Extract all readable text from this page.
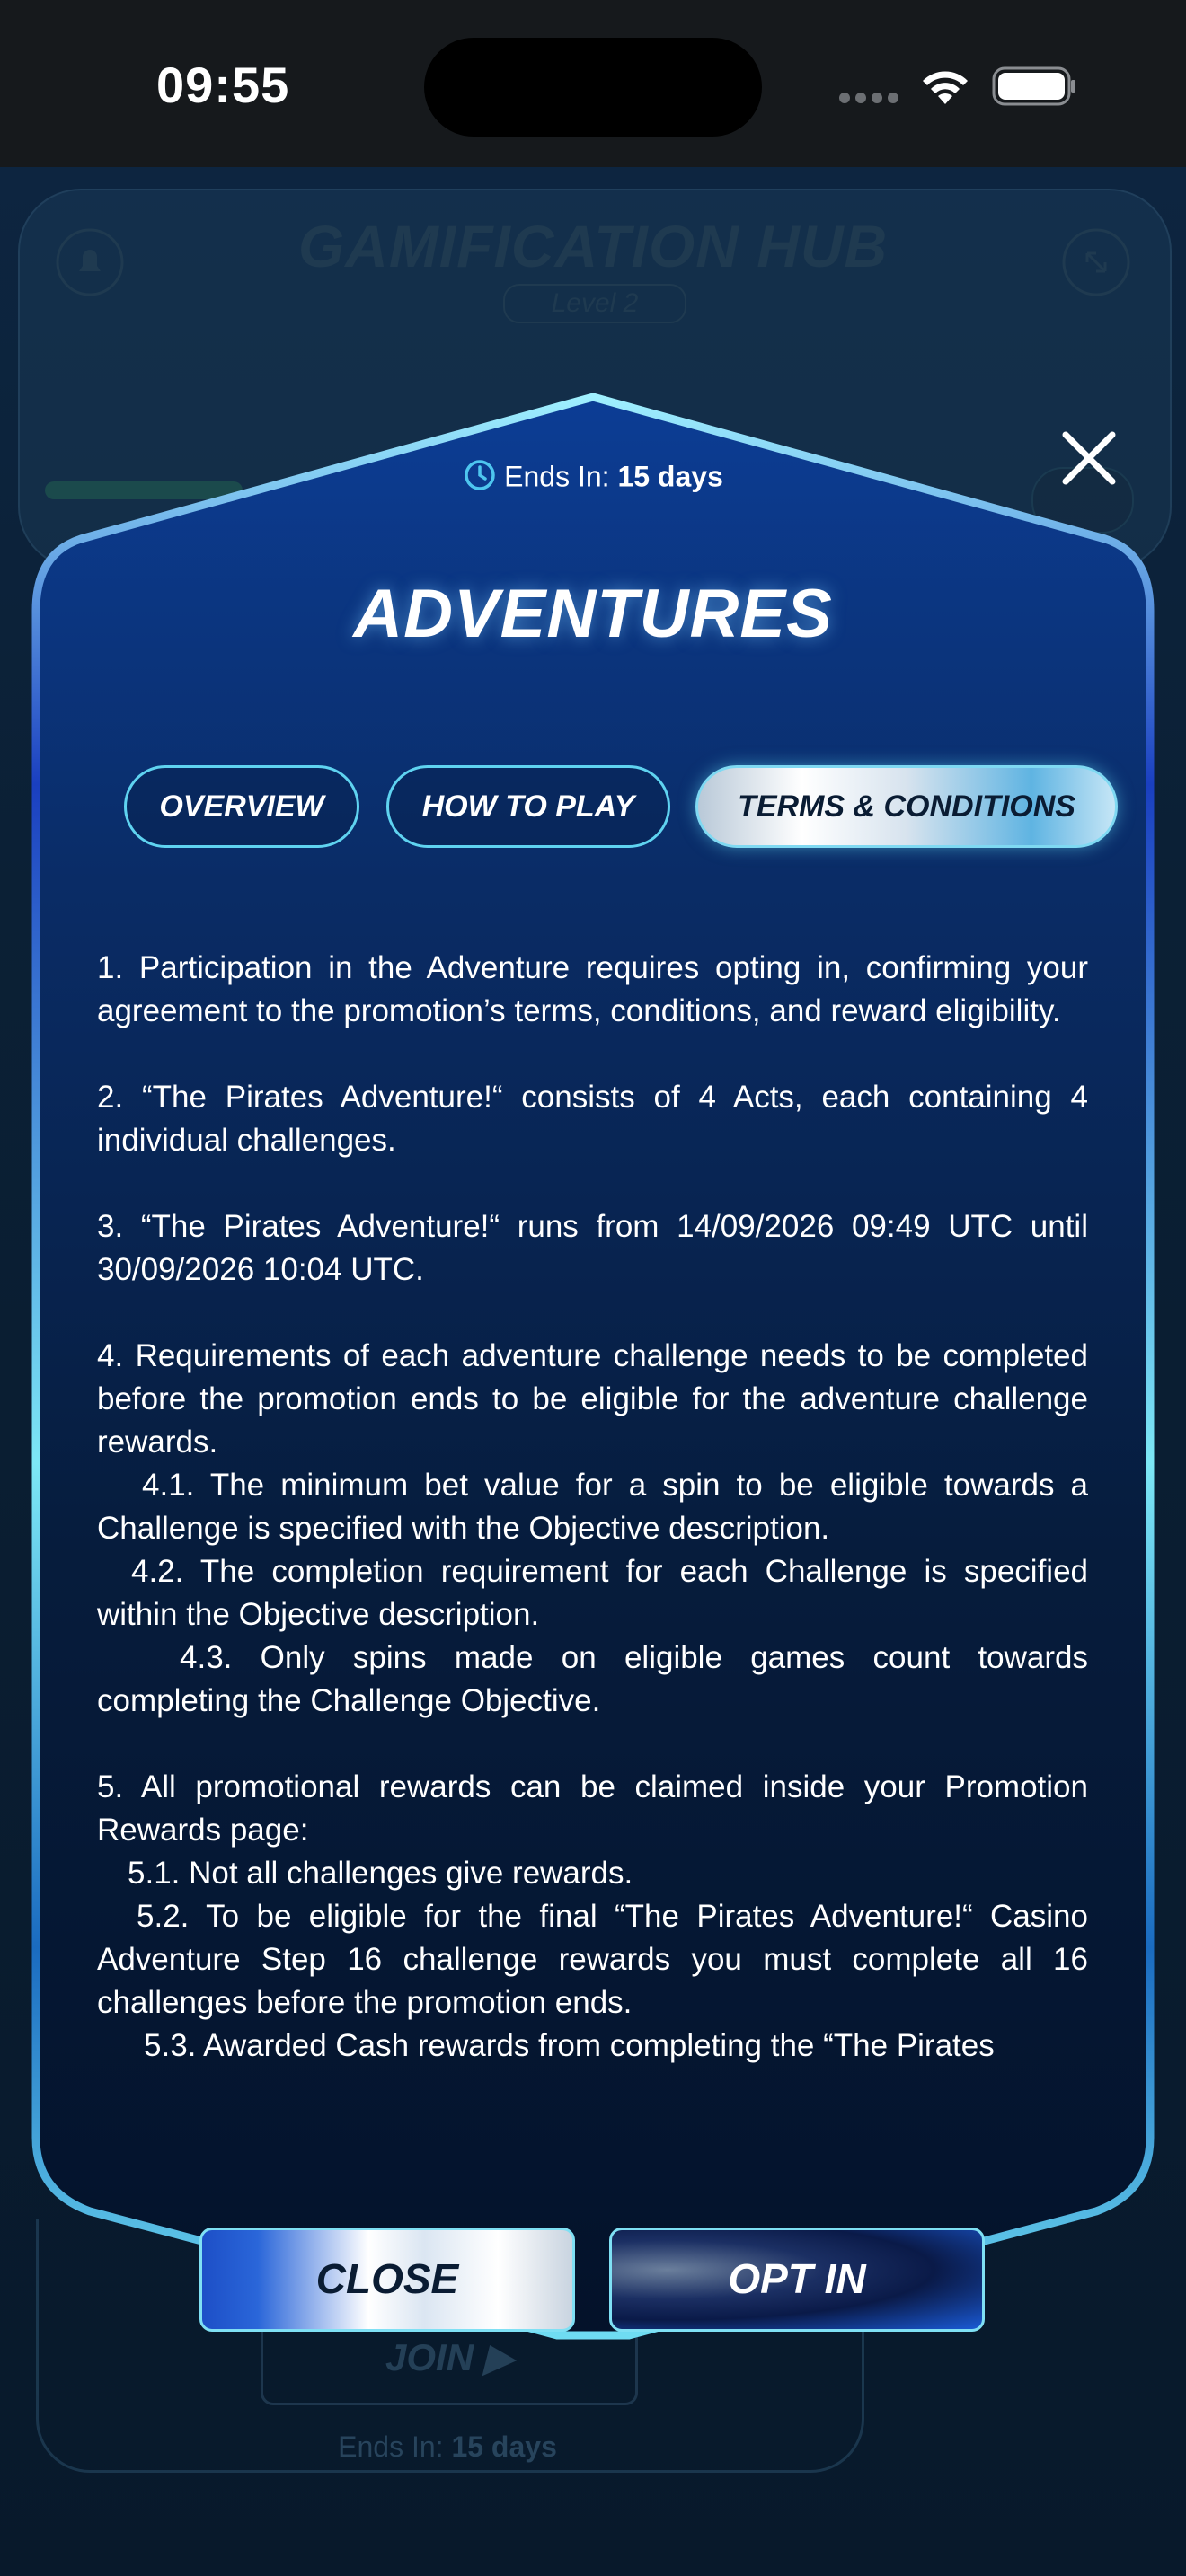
09:55
GAMIFICATION HUB
Level 2
JOIN ▶
Ends In: 15 days
Ends In: 15 days
ADVENTURES
OVERVIEW	HOW TO PLAY	TERMS & CONDITIONS

1. Participation in the Adventure requires opting in, confirming your agreement to the promotion’s terms, conditions, and reward eligibility.

2. “The Pirates Adventure!“ consists of 4 Acts, each containing 4 individual challenges.

3. “The Pirates Adventure!“ runs from 14/09/2026 09:49 UTC until 30/09/2026 10:04 UTC.

4. Requirements of each adventure challenge needs to be completed before the promotion ends to be eligible for the adventure challenge rewards.

4.1. The minimum bet value for a spin to be eligible towards a Challenge is specified with the Objective description.

4.2. The completion requirement for each Challenge is specified within the Objective description.

4.3. Only spins made on eligible games count towards completing the Challenge Objective.

5. All promotional rewards can be claimed inside your Promotion Rewards page:

5.1. Not all challenges give rewards.

5.2. To be eligible for the final “The Pirates Adventure!“ Casino Adventure Step 16 challenge rewards you must complete all 16 challenges before the promotion ends.

5.3. Awarded Cash rewards from completing the “The Pirates

CLOSE	OPT IN
